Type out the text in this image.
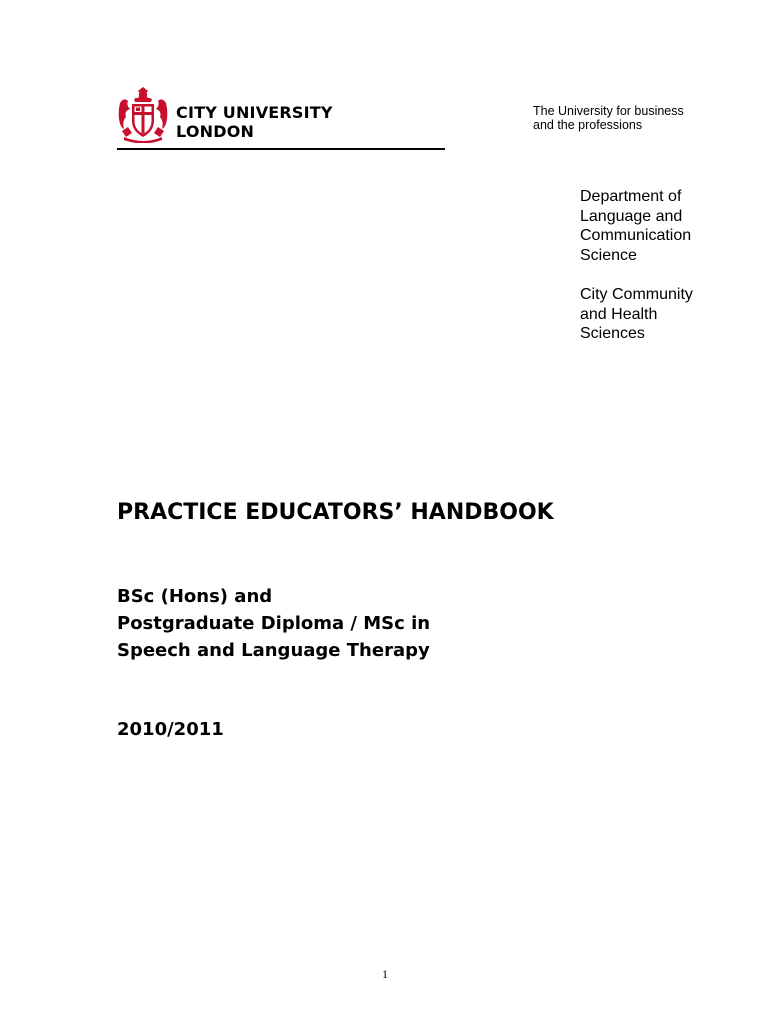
CITY UNIVERSITY
LONDON
The University for business
and the professions
Department of
Language and
Communication
Science
City Community
and Health
Sciences
PRACTICE EDUCATORS’ HANDBOOK
BSc (Hons) and
Postgraduate Diploma / MSc in
Speech and Language Therapy
2010/2011
1
